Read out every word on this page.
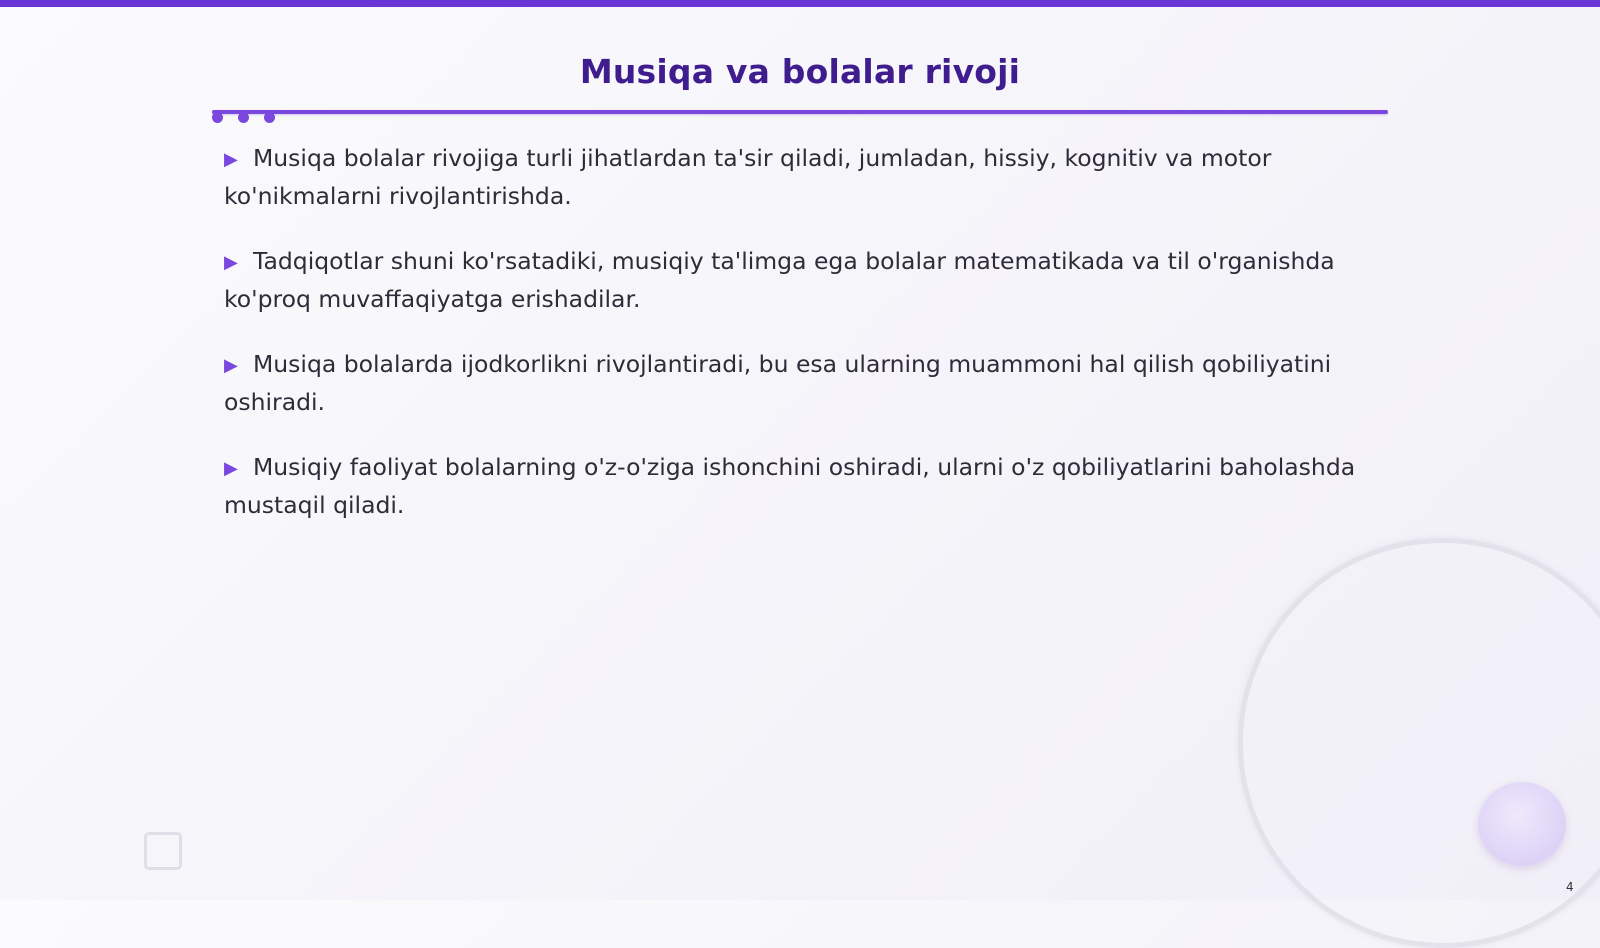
Musiqa va bolalar rivoji
▶ Musiqa bolalar rivojiga turli jihatlardan ta'sir qiladi, jumladan, hissiy, kognitiv va motor ko'nikmalarni rivojlantirishda.
▶ Tadqiqotlar shuni ko'rsatadiki, musiqiy ta'limga ega bolalar matematikada va til o'rganishda ko'proq muvaffaqiyatga erishadilar.
▶ Musiqa bolalarda ijodkorlikni rivojlantiradi, bu esa ularning muammoni hal qilish qobiliyatini oshiradi.
▶ Musiqiy faoliyat bolalarning o'z-o'ziga ishonchini oshiradi, ularni o'z qobiliyatlarini baholashda mustaqil qiladi.
4
